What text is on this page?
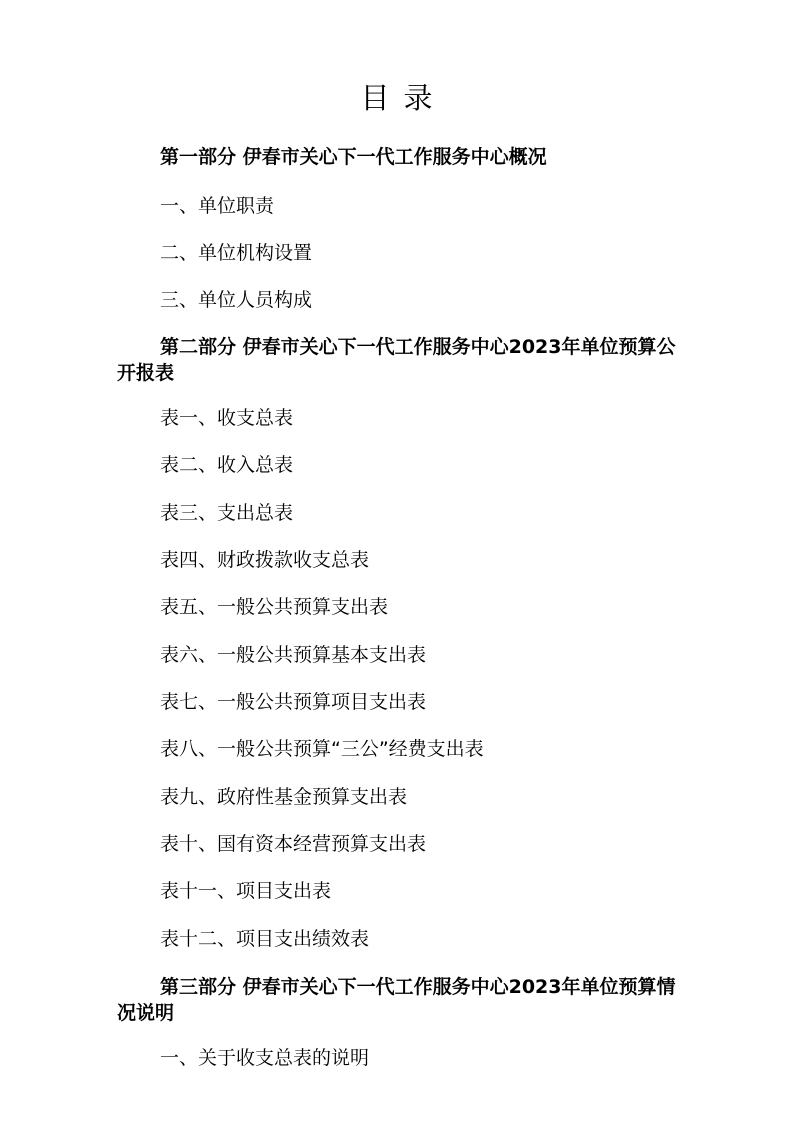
目录
第一部分 伊春市关心下一代工作服务中心概况
一、单位职责
二、单位机构设置
三、单位人员构成
第二部分 伊春市关心下一代工作服务中心2023年单位预算公开报表
表一、收支总表
表二、收入总表
表三、支出总表
表四、财政拨款收支总表
表五、一般公共预算支出表
表六、一般公共预算基本支出表
表七、一般公共预算项目支出表
表八、一般公共预算“三公”经费支出表
表九、政府性基金预算支出表
表十、国有资本经营预算支出表
表十一、项目支出表
表十二、项目支出绩效表
第三部分 伊春市关心下一代工作服务中心2023年单位预算情况说明
一、关于收支总表的说明
